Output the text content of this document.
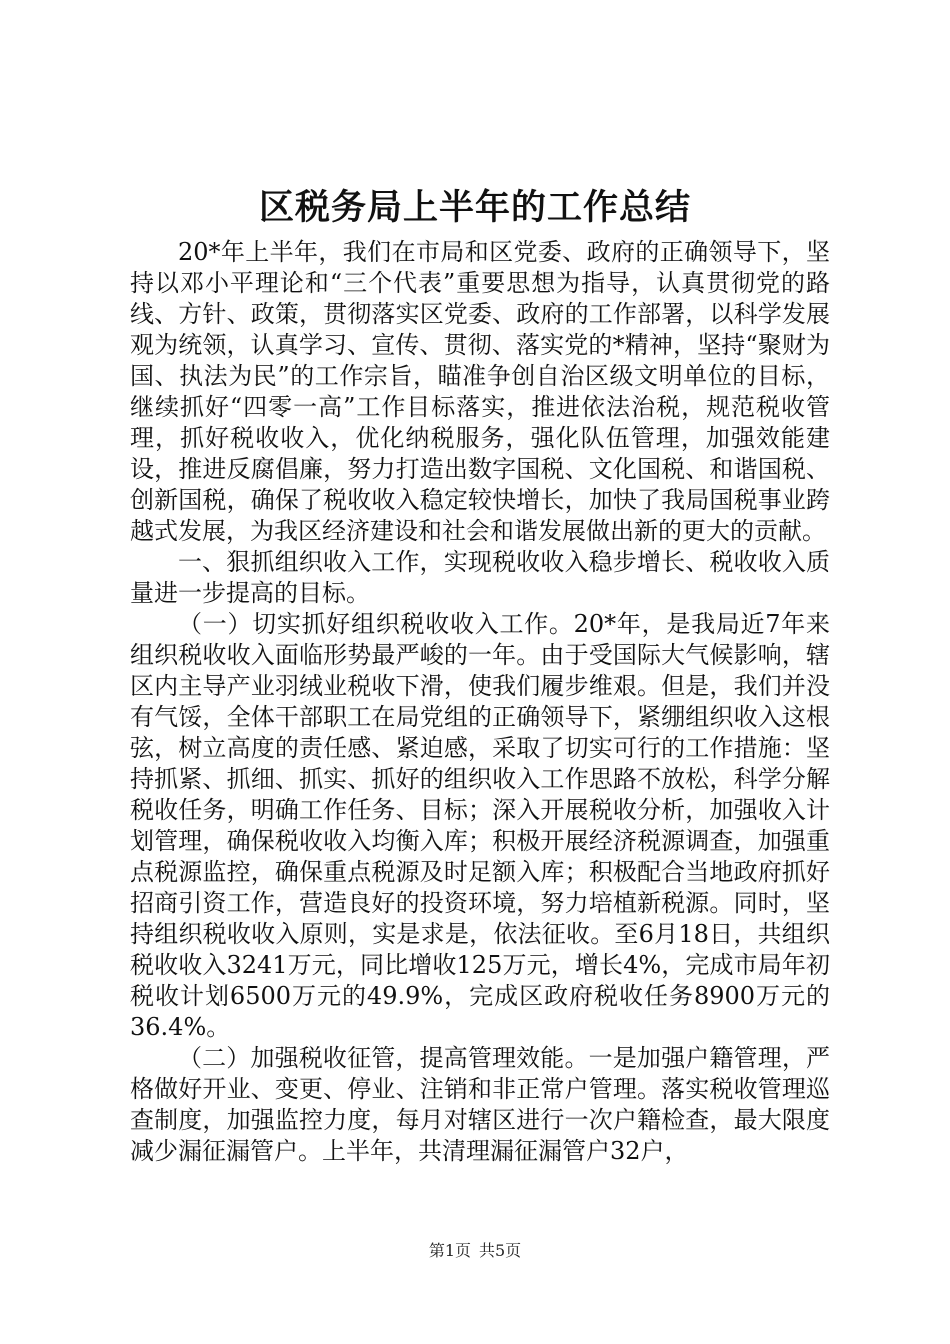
区税务局上半年的工作总结

20*年上半年，我们在市局和区党委、政府的正确领导下，坚持以邓小平理论和“三个代表”重要思想为指导，认真贯彻党的路线、方针、政策，贯彻落实区党委、政府的工作部署，以科学发展观为统领，认真学习、宣传、贯彻、落实党的*精神，坚持“聚财为国、执法为民”的工作宗旨，瞄准争创自治区级文明单位的目标，继续抓好“四零一高”工作目标落实，推进依法治税，规范税收管理，抓好税收收入，优化纳税服务，强化队伍管理，加强效能建设，推进反腐倡廉，努力打造出数字国税、文化国税、和谐国税、创新国税，确保了税收收入稳定较快增长，加快了我局国税事业跨越式发展，为我区经济建设和社会和谐发展做出新的更大的贡献。

一、狠抓组织收入工作，实现税收收入稳步增长、税收收入质量进一步提高的目标。

（一）切实抓好组织税收收入工作。20*年，是我局近7年来组织税收收入面临形势最严峻的一年。由于受国际大气候影响，辖区内主导产业羽绒业税收下滑，使我们履步维艰。但是，我们并没有气馁，全体干部职工在局党组的正确领导下，紧绷组织收入这根弦，树立高度的责任感、紧迫感，采取了切实可行的工作措施：坚持抓紧、抓细、抓实、抓好的组织收入工作思路不放松，科学分解税收任务，明确工作任务、目标；深入开展税收分析，加强收入计划管理，确保税收收入均衡入库；积极开展经济税源调查，加强重点税源监控，确保重点税源及时足额入库；积极配合当地政府抓好招商引资工作，营造良好的投资环境，努力培植新税源。同时，坚持组织税收收入原则，实是求是，依法征收。至6月18日，共组织税收收入3241万元，同比增收125万元，增长4%，完成市局年初税收计划6500万元的49.9%，完成区政府税收任务8900万元的36.4%。

（二）加强税收征管，提高管理效能。一是加强户籍管理，严格做好开业、变更、停业、注销和非正常户管理。落实税收管理巡查制度，加强监控力度，每月对辖区进行一次户籍检查，最大限度减少漏征漏管户。上半年，共清理漏征漏管户32户，

第1页 共5页
